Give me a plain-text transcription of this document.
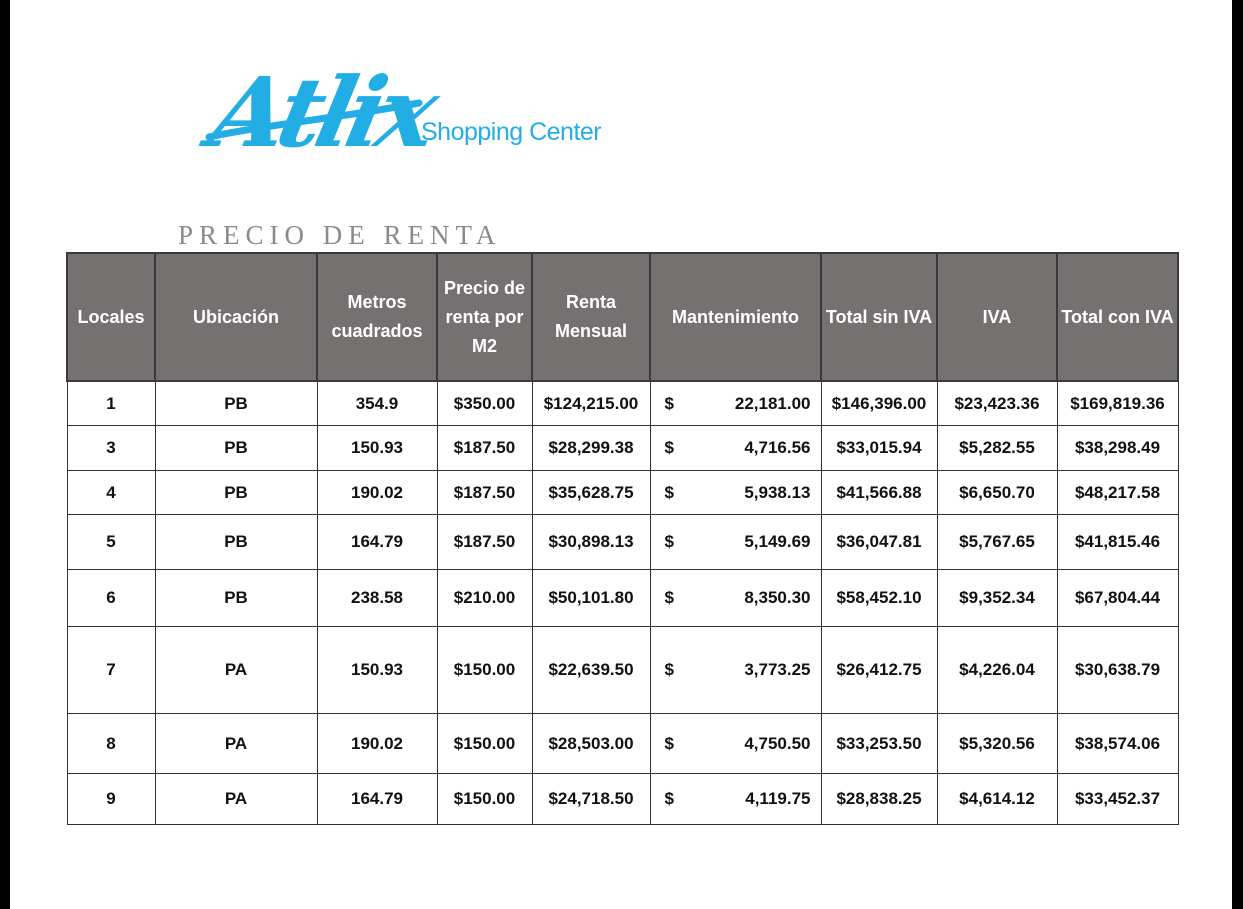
Atlix
Shopping Center
PRECIO DE RENTA
Locales	Ubicación	Metros cuadrados	Precio de renta por M2	Renta Mensual	Mantenimiento	Total sin IVA	IVA	Total con IVA
1	PB	354.9	$350.00	$124,215.00	$ 22,181.00	$146,396.00	$23,423.36	$169,819.36
3	PB	150.93	$187.50	$28,299.38	$ 4,716.56	$33,015.94	$5,282.55	$38,298.49
4	PB	190.02	$187.50	$35,628.75	$ 5,938.13	$41,566.88	$6,650.70	$48,217.58
5	PB	164.79	$187.50	$30,898.13	$ 5,149.69	$36,047.81	$5,767.65	$41,815.46
6	PB	238.58	$210.00	$50,101.80	$ 8,350.30	$58,452.10	$9,352.34	$67,804.44
7	PA	150.93	$150.00	$22,639.50	$ 3,773.25	$26,412.75	$4,226.04	$30,638.79
8	PA	190.02	$150.00	$28,503.00	$ 4,750.50	$33,253.50	$5,320.56	$38,574.06
9	PA	164.79	$150.00	$24,718.50	$ 4,119.75	$28,838.25	$4,614.12	$33,452.37
